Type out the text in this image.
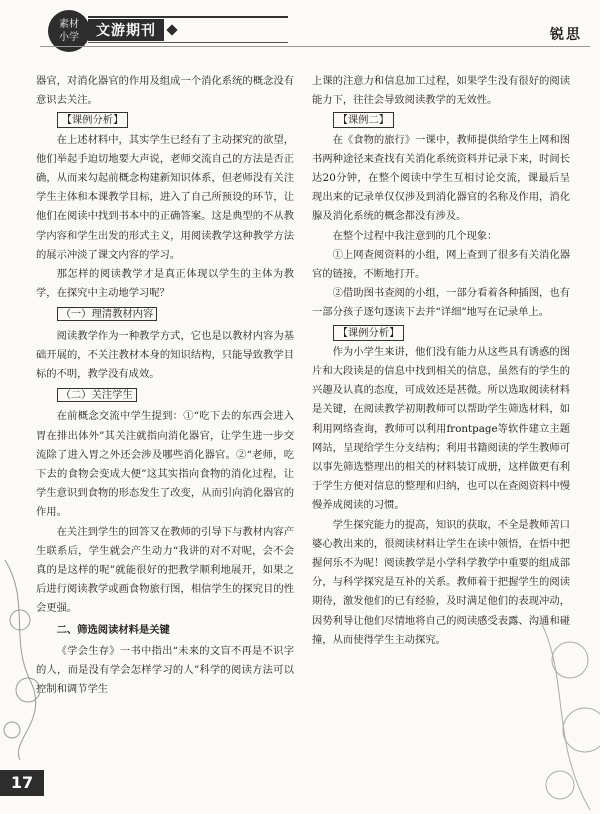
素材
小学	文游期刊	锐思

器官，对消化器官的作用及组成一个消化系统的概念没有意识去关注。

【课例分析】

在上述材料中，其实学生已经有了主动探究的欲望，他们举起手迫切地要大声说，老师交流自己的方法是否正确，从而来勾起前概念构建新知识体系，但老师没有关注学生主体和本课教学目标，进入了自己所预设的环节，让他们在阅读中找到书本中的正确答案。这是典型的不从教学内容和学生出发的形式主义，用阅读教学这种教学方法的展示冲淡了课文内容的学习。

那怎样的阅读教学才是真正体现以学生的主体为教学，在探究中主动地学习呢？

（一）理清教材内容

阅读教学作为一种教学方式，它也是以教材内容为基础开展的，不关注教材本身的知识结构，只能导致教学目标的不明，教学没有成效。

（二）关注学生

在前概念交流中学生提到：①“吃下去的东西会进入胃在排出体外”其关注就指向消化器官，让学生进一步交流除了进入胃之外还会涉及哪些消化器官。②“老师，吃下去的食物会变成大便”这其实指向食物的消化过程，让学生意识到食物的形态发生了改变，从而引向消化器官的作用。

在关注到学生的回答又在教师的引导下与教材内容产生联系后，学生就会产生动力“我讲的对不对呢，会不会真的是这样的呢”就能很好的把教学顺利地展开，如果之后进行阅读教学或画食物旅行图，相信学生的探究目的性会更强。

二、筛选阅读材料是关键

《学会生存》一书中指出“未来的文盲不再是不识字的人，而是没有学会怎样学习的人”科学的阅读方法可以控制和调节学生

上课的注意力和信息加工过程，如果学生没有很好的阅读能力下，往往会导致阅读教学的无效性。

【课例二】

在《食物的旅行》一课中，教师提供给学生上网和图书两种途径来查找有关消化系统资料并记录下来，时间长达20分钟，在整个阅读中学生互相讨论交流，课最后呈现出来的记录单仅仅涉及到消化器官的名称及作用，消化腺及消化系统的概念都没有涉及。

在整个过程中我注意到的几个现象：

①上网查阅资料的小组，网上查到了很多有关消化器官的链接，不断地打开。

②借助图书查阅的小组，一部分看着各种插图，也有一部分孩子逐句逐读下去并“详细”地写在记录单上。

【课例分析】

作为小学生来讲，他们没有能力从这些具有诱惑的图片和大段读是的信息中找到相关的信息，虽然有的学生的兴趣及认真的态度，可成效还是甚微。所以选取阅读材料是关键，在阅读教学初期教师可以帮助学生筛选材料，如利用网络查询，教师可以利用frontpage等软件建立主题网站，呈现给学生分支结构；利用书籍阅读的学生教师可以事先筛选整理出的相关的材料装订成册，这样做更有利于学生方便对信息的整理和归纳，也可以在查阅资料中慢慢养成阅读的习惯。

学生探究能力的提高，知识的获取，不全是教师苦口婆心教出来的，很阅读材料让学生在读中领悟，在悟中把握何乐不为呢！阅读教学是小学科学教学中重要的组成部分，与科学探究是互补的关系。教师着于把握学生的阅读期待，激发他们的已有经验，及时满足他们的表现冲动，因势利导让他们尽情地将自己的阅读感受表露、沟通和碰撞，从而使得学生主动探究。

17
